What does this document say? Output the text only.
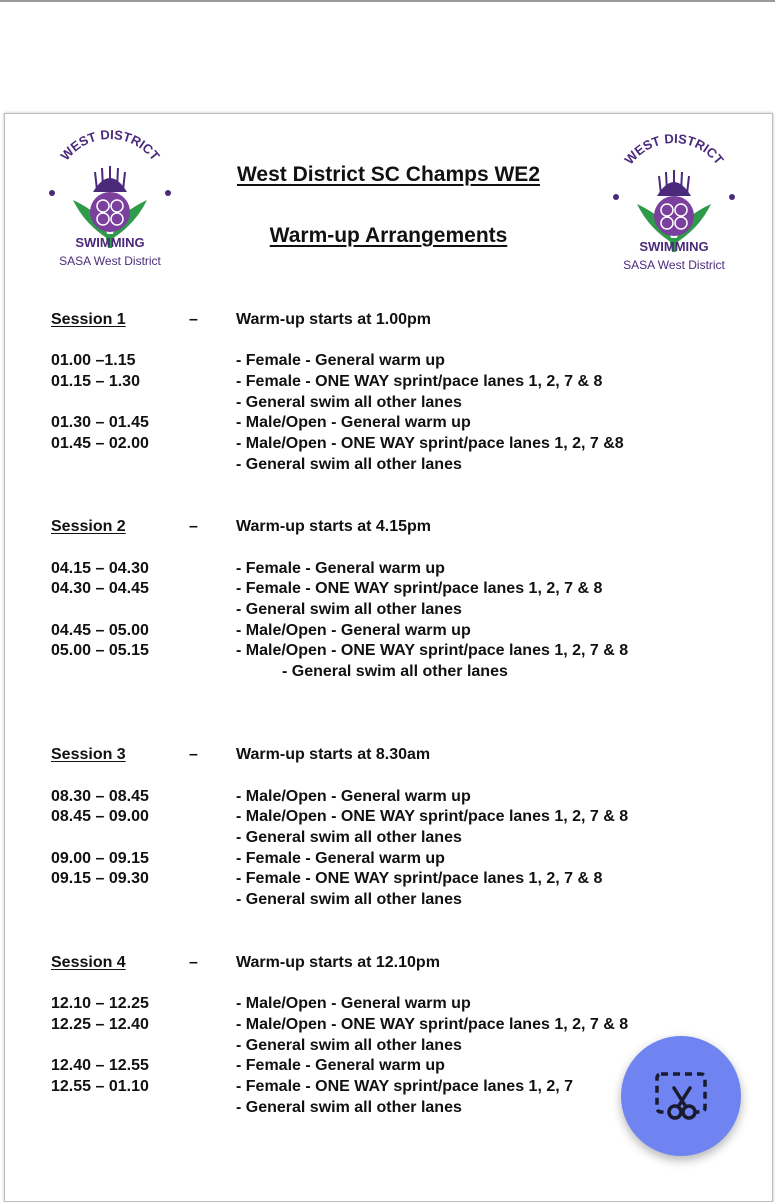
WEST DISTRICT
SWIMMING
SASA West District
WEST DISTRICT
SWIMMING
SASA West District
West District SC Champs WE2
Warm-up Arrangements
Session 1	– Warm-up starts at 1.00pm
01.00 –1.15	- Female - General warm up
01.15 – 1.30	- Female - ONE WAY sprint/pace lanes 1, 2, 7 & 8
- General swim all other lanes
01.30 – 01.45	- Male/Open - General warm up
01.45 – 02.00	- Male/Open - ONE WAY sprint/pace lanes 1, 2, 7 &8
- General swim all other lanes
Session 2	– Warm-up starts at 4.15pm
04.15 – 04.30	- Female - General warm up
04.30 – 04.45	- Female - ONE WAY sprint/pace lanes 1, 2, 7 & 8
- General swim all other lanes
04.45 – 05.00	- Male/Open - General warm up
05.00 – 05.15	- Male/Open - ONE WAY sprint/pace lanes 1, 2, 7 & 8
- General swim all other lanes
Session 3	– Warm-up starts at 8.30am
08.30 – 08.45	- Male/Open - General warm up
08.45 – 09.00	- Male/Open - ONE WAY sprint/pace lanes 1, 2, 7 & 8
- General swim all other lanes
09.00 – 09.15	- Female - General warm up
09.15 – 09.30	- Female - ONE WAY sprint/pace lanes 1, 2, 7 & 8
- General swim all other lanes
Session 4	– Warm-up starts at 12.10pm
12.10 – 12.25	- Male/Open - General warm up
12.25 – 12.40	- Male/Open - ONE WAY sprint/pace lanes 1, 2, 7 & 8
- General swim all other lanes
12.40 – 12.55	- Female - General warm up
12.55 – 01.10	- Female - ONE WAY sprint/pace lanes 1, 2, 7
- General swim all other lanes
